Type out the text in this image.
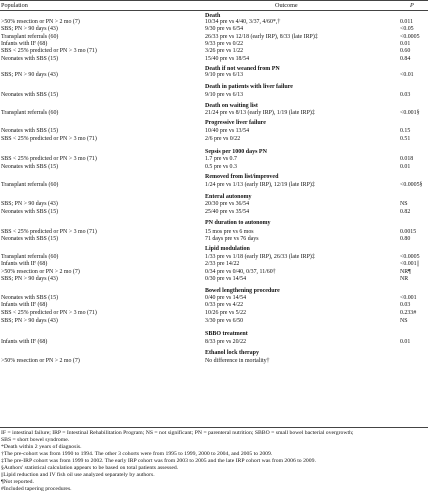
Population	Outcome	P
Death
>50% resection or PN > 2 mo (7)	10/34 pre vs 4/40, 3/37, 4/60*,†	0.011
SBS; PN > 90 days (43)	9/30 pre vs 6/54	<0.05
Transplant referrals (60)	26/33 pre vs 12/18 (early IRP), 8/33 (late IRP)‡	<0.0005
Infants with IF (68)	9/33 pre vs 0/22	0.01
SBS < 25% predicted or PN > 3 mo (71)	3/26 pre vs 1/22	0.60
Neonates with SBS (15)	15/40 pre vs 18/54	0.84
Death if not weaned from PN
SBS; PN > 90 days (43)	9/10 pre vs 6/13	<0.01
Death in patients with liver failure
Neonates with SBS (15)	9/10 pre vs 6/13	0.03
Death on waiting list
Transplant referrals (60)	21/24 pre vs 8/13 (early IRP), 1/19 (late IRP)‡	<0.001§
Progressive liver failure
Neonates with SBS (15)	10/40 pre vs 13/54	0.15
SBS < 25% predicted or PN > 3 mo (71)	2/6 pre vs 0/22	0.51
Sepsis per 1000 days PN
SBS < 25% predicted or PN > 3 mo (71)	1.7 pre vs 0.7	0.018
Neonates with SBS (15)	0.5 pre vs 0.3	0.01
Removed from list/improved
Transplant referrals (60)	1/24 pre vs 1/13 (early IRP), 12/19 (late IRP)‡	<0.0005§
Enteral autonomy
SBS; PN > 90 days (43)	20/30 pre vs 36/54	NS
Neonates with SBS (15)	25/40 pre vs 35/54	0.82
PN duration to autonomy
SBS < 25% predicted or PN > 3 mo (71)	15 mos pre vs 6 mos	0.0015
Neonates with SBS (15)	71 days pre vs 76 days	0.80
Lipid modulation
Transplant referrals (60)	1/33 pre vs 1/18 (early IRP), 26/33 (late IRP)‡	<0.0005
Infants with IF (68)	2/33 pre 14/22	<0.001||
>50% resection or PN > 2 mo (7)	0/34 pre vs 0/40, 0/37, 11/60†	NR¶
SBS; PN > 90 days (43)	0/30 pre vs 14/54	NR
Bowel lengthening procedure
Neonates with SBS (15)	0/40 pre vs 14/54	<0.001
Infants with IF (68)	0/33 pre vs 4/22	0.03
SBS < 25% predicted or PN > 3 mo (71)	10/26 pre vs 5/22	0.233#
SBS; PN > 90 days (43)	3/30 pre vs 6/50	NS
SBBO treatment
Infants with IF (68)	8/33 pre vs 20/22	0.01
Ethanol lock therapy
>50% resection or PN > 2 mo (7)	No difference in mortality†
IF = intestinal failure; IRP = Intestinal Rehabilitation Program; NS = not significant; PN = parenteral nutrition; SBBO = small bowel bacterial overgrowth;
SBS = short bowel syndrome.
*Death within 2 years of diagnosis.
†The pre-cohort was from 1990 to 1994. The other 3 cohorts were from 1995 to 1999, 2000 to 2004, and 2005 to 2009.
‡The pre-IRP cohort was from 1999 to 2002. The early IRP cohort was from 2003 to 2005 and the late IRP cohort was from 2006 to 2009.
§Authors' statistical calculation appears to be based on total patients assessed.
||Lipid reduction and IV fish oil use analyzed separately by authors.
¶Not reported.
#Included tapering procedures.
